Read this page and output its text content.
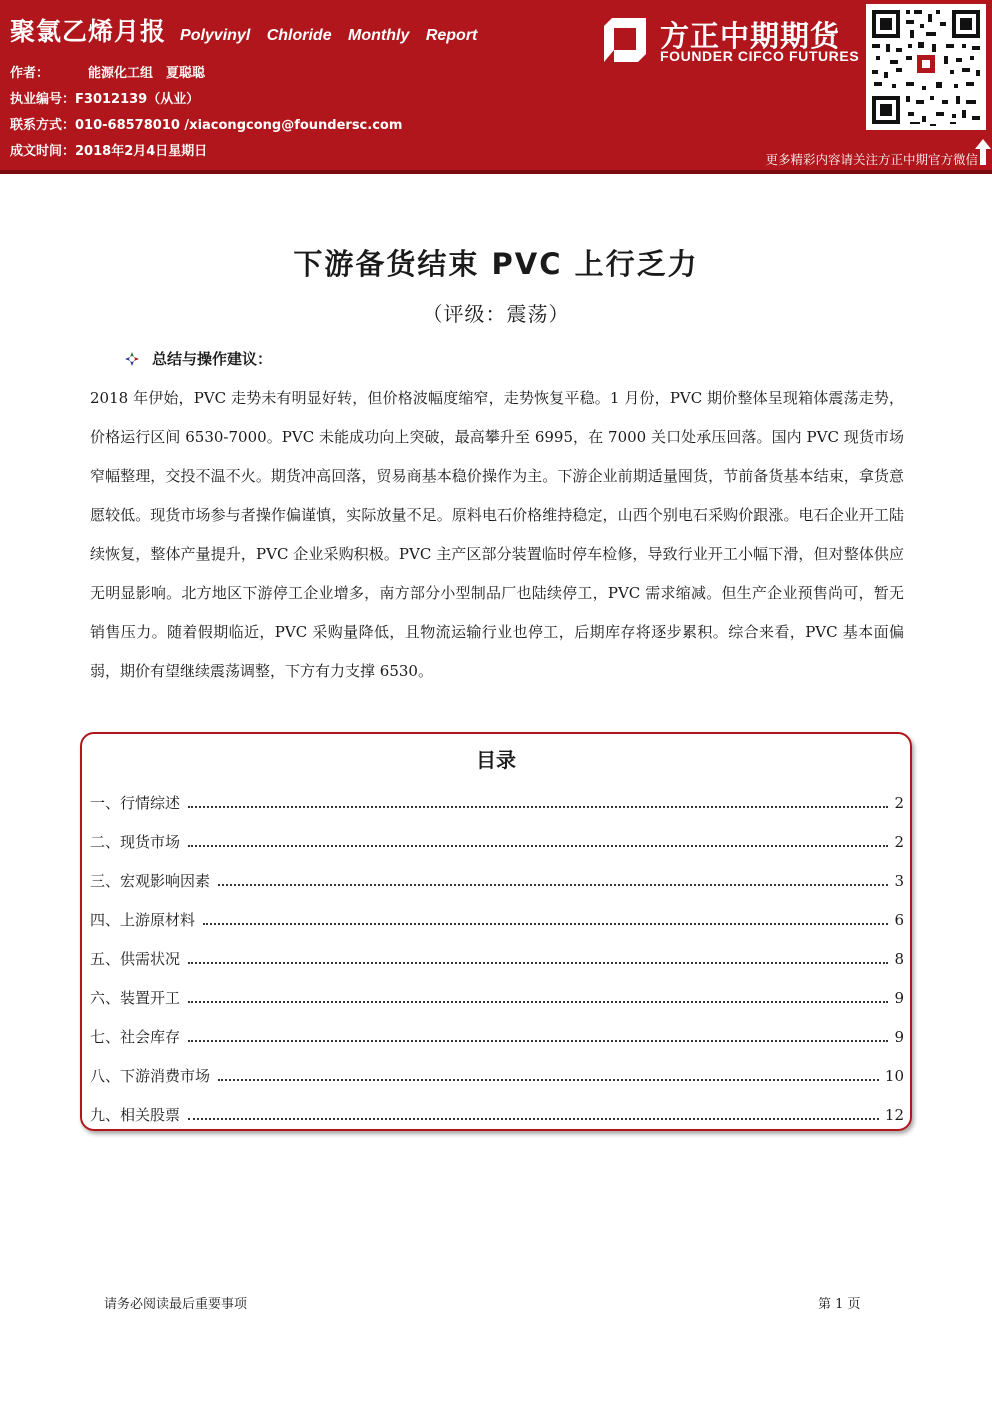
聚氯乙烯月报 Polyvinyl Chloride Monthly Report
作者：	能源化工组　夏聪聪
执业编号：F3012139（从业）
联系方式：010-68578010 /xiacongcong@foundersc.com
成文时间：2018年2月4日星期日
方正中期期货
FOUNDER CIFCO FUTURES
更多精彩内容请关注方正中期官方微信
下游备货结束 PVC 上行乏力
（评级：震荡）
总结与操作建议：

2018 年伊始，PVC 走势未有明显好转，但价格波幅度缩窄，走势恢复平稳。1 月份，PVC 期价整体呈现箱体震荡走势，价格运行区间 6530-7000。PVC 未能成功向上突破，最高攀升至 6995，在 7000 关口处承压回落。国内 PVC 现货市场窄幅整理，交投不温不火。期货冲高回落，贸易商基本稳价操作为主。下游企业前期适量囤货，节前备货基本结束，拿货意愿较低。现货市场参与者操作偏谨慎，实际放量不足。原料电石价格维持稳定，山西个别电石采购价跟涨。电石企业开工陆续恢复，整体产量提升，PVC 企业采购积极。PVC 主产区部分装置临时停车检修，导致行业开工小幅下滑，但对整体供应无明显影响。北方地区下游停工企业增多，南方部分小型制品厂也陆续停工，PVC 需求缩减。但生产企业预售尚可，暂无销售压力。随着假期临近，PVC 采购量降低，且物流运输行业也停工，后期库存将逐步累积。综合来看，PVC 基本面偏弱，期价有望继续震荡调整，下方有力支撑 6530。

目录
一、行情综述	2
二、现货市场	2
三、宏观影响因素	3
四、上游原材料	6
五、供需状况	8
六、装置开工	9
七、社会库存	9
八、下游消费市场	10
九、相关股票	12
请务必阅读最后重要事项	第 1 页
